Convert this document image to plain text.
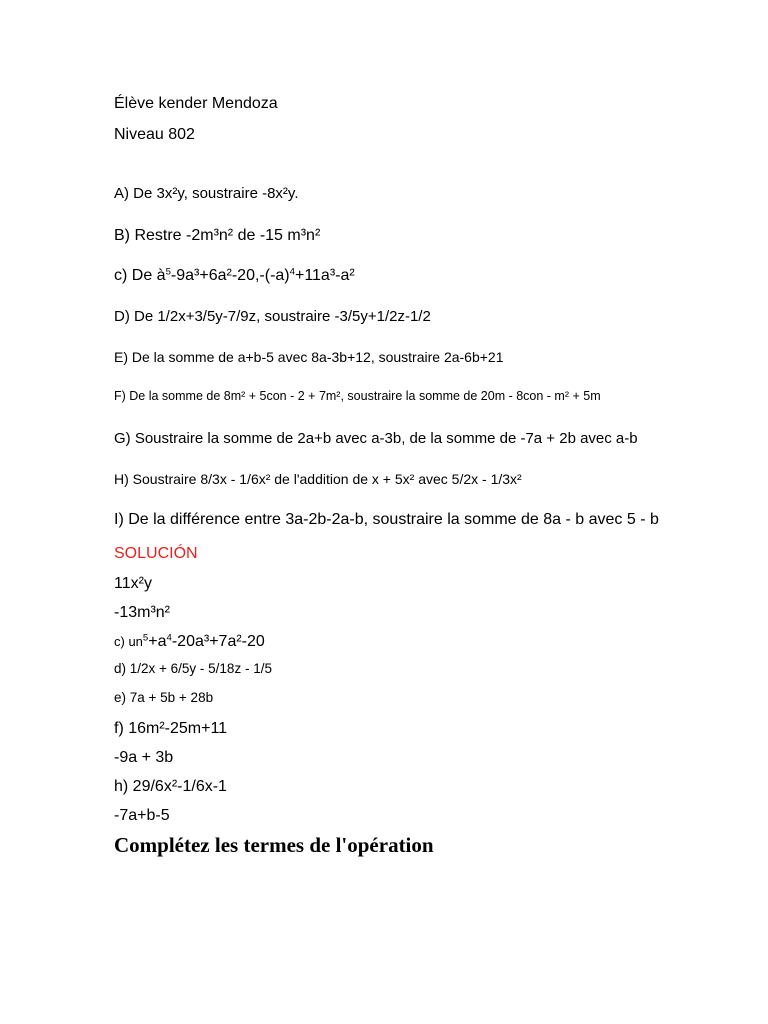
Élève kender Mendoza
Niveau 802
A) De 3x²y, soustraire -8x²y.
B) Restre -2m³n² de -15 m³n²
c) De $à^5-9a^3+6a^2-20,-(-a)^4+11a^3-a^2$
D) De 1/2x+3/5y-7/9z, soustraire -3/5y+1/2z-1/2
E) De la somme de a+b-5 avec 8a-3b+12, soustraire 2a-6b+21
F) De la somme de 8m² + 5con - 2 + 7m², soustraire la somme de 20m - 8con - m² + 5m
G) Soustraire la somme de 2a+b avec a-3b, de la somme de -7a + 2b avec a-b
H) Soustraire 8/3x - 1/6x² de l'addition de x + 5x² avec 5/2x - 1/3x²
I) De la différence entre 3a-2b-2a-b, soustraire la somme de 8a - b avec 5 - b
SOLUCIÓN
11x²y
-13m³n²
c) $un^5+a^4-20a^3+7a^2-20$
d) 1/2x + 6/5y - 5/18z - 1/5
e) 7a + 5b + 28b
f) 16m²-25m+11
-9a + 3b
h) 29/6x²-1/6x-1
-7a+b-5
Complétez les termes de l'opération
